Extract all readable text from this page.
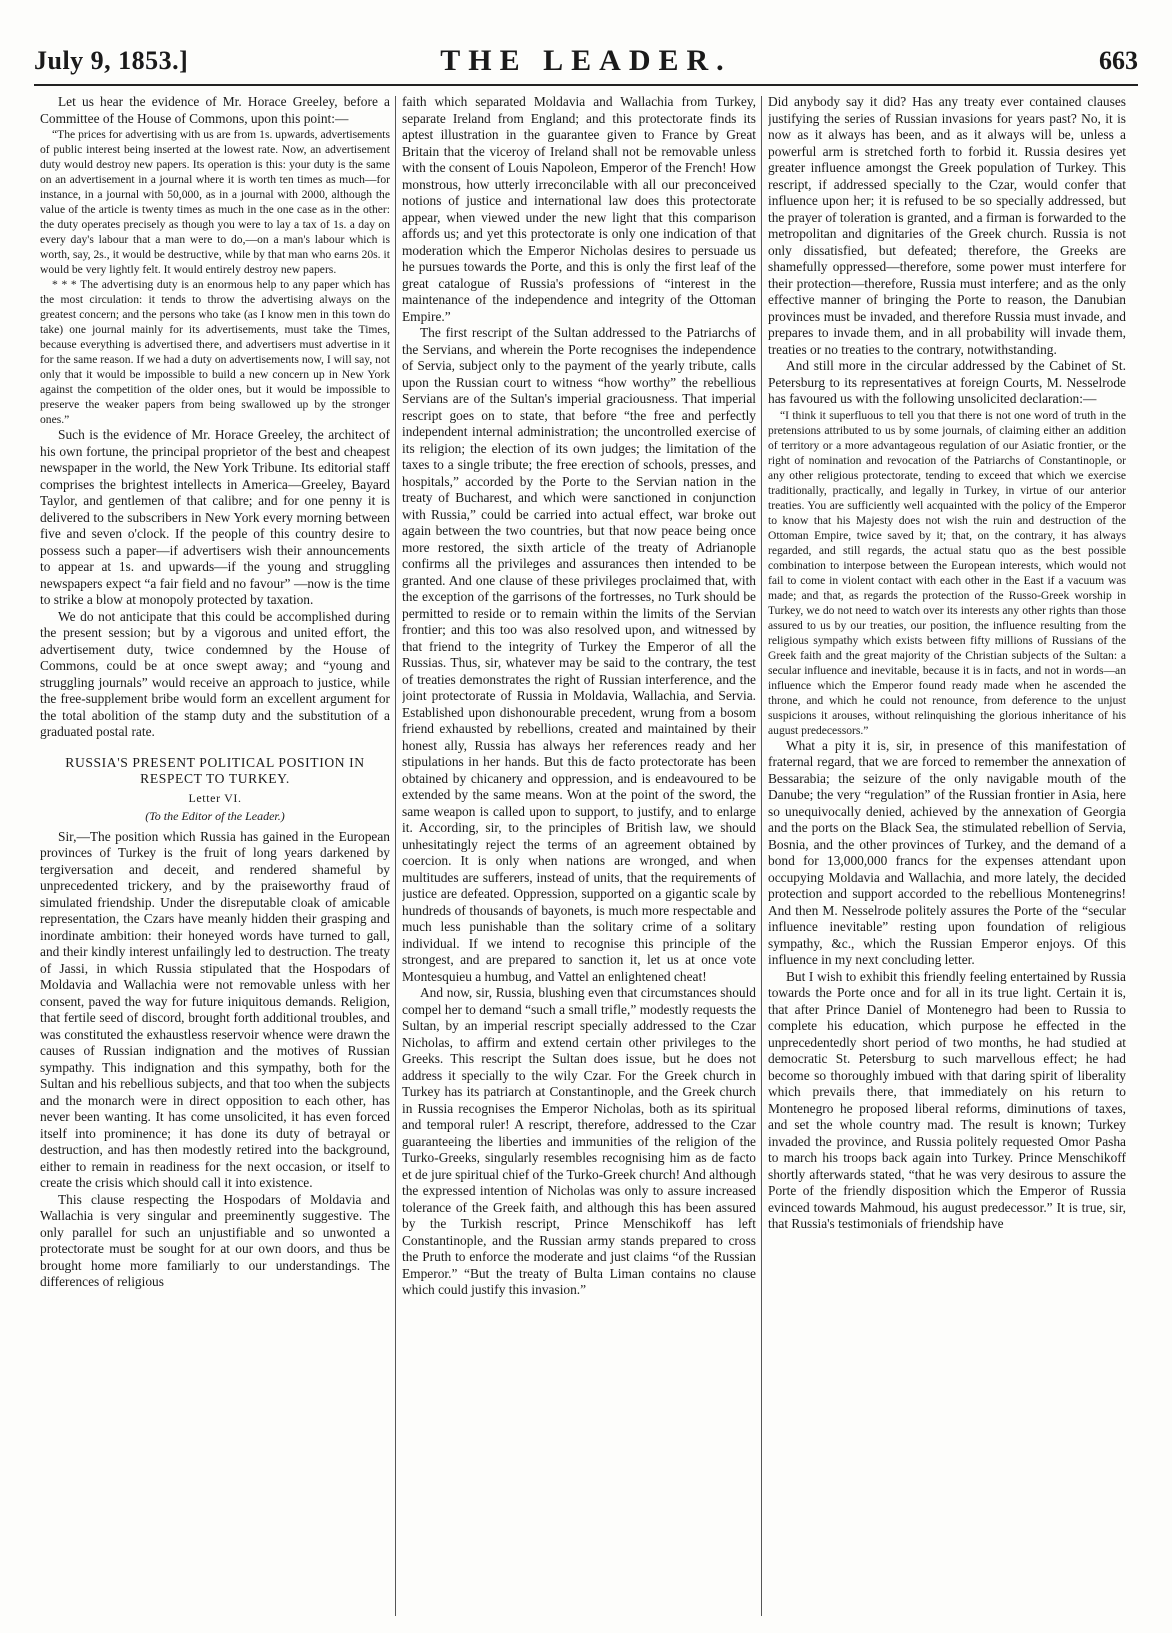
July 9, 1853.]	THE LEADER.	663

Let us hear the evidence of Mr. Horace Greeley, before a Committee of the House of Commons, upon this point:—

“The prices for advertising with us are from 1s. upwards, advertisements of public interest being inserted at the lowest rate. Now, an advertisement duty would destroy new papers. Its operation is this: your duty is the same on an advertisement in a journal where it is worth ten times as much—for instance, in a journal with 50,000, as in a journal with 2000, although the value of the article is twenty times as much in the one case as in the other: the duty operates precisely as though you were to lay a tax of 1s. a day on every day's labour that a man were to do,—on a man's labour which is worth, say, 2s., it would be destructive, while by that man who earns 20s. it would be very lightly felt. It would entirely destroy new papers.

* * * The advertising duty is an enormous help to any paper which has the most circulation: it tends to throw the advertising always on the greatest concern; and the persons who take (as I know men in this town do take) one journal mainly for its advertisements, must take the Times, because everything is advertised there, and advertisers must advertise in it for the same reason. If we had a duty on advertisements now, I will say, not only that it would be impossible to build a new concern up in New York against the competition of the older ones, but it would be impossible to preserve the weaker papers from being swallowed up by the stronger ones.”

Such is the evidence of Mr. Horace Greeley, the architect of his own fortune, the principal proprietor of the best and cheapest newspaper in the world, the New York Tribune. Its editorial staff comprises the brightest intellects in America—Greeley, Bayard Taylor, and gentlemen of that calibre; and for one penny it is delivered to the subscribers in New York every morning between five and seven o'clock. If the people of this country desire to possess such a paper—if advertisers wish their announcements to appear at 1s. and upwards—if the young and struggling newspapers expect “a fair field and no favour” —now is the time to strike a blow at monopoly protected by taxation.

We do not anticipate that this could be accomplished during the present session; but by a vigorous and united effort, the advertisement duty, twice condemned by the House of Commons, could be at once swept away; and “young and struggling journals” would receive an approach to justice, while the free-supplement bribe would form an excellent argument for the total abolition of the stamp duty and the substitution of a graduated postal rate.

RUSSIA'S PRESENT POLITICAL POSITION IN RESPECT TO TURKEY.

Letter VI.

(To the Editor of the Leader.)

Sir,—The position which Russia has gained in the European provinces of Turkey is the fruit of long years darkened by tergiversation and deceit, and rendered shameful by unprecedented trickery, and by the praiseworthy fraud of simulated friendship. Under the disreputable cloak of amicable representation, the Czars have meanly hidden their grasping and inordinate ambition: their honeyed words have turned to gall, and their kindly interest unfailingly led to destruction. The treaty of Jassi, in which Russia stipulated that the Hospodars of Moldavia and Wallachia were not removable unless with her consent, paved the way for future iniquitous demands. Religion, that fertile seed of discord, brought forth additional troubles, and was constituted the exhaustless reservoir whence were drawn the causes of Russian indignation and the motives of Russian sympathy. This indignation and this sympathy, both for the Sultan and his rebellious subjects, and that too when the subjects and the monarch were in direct opposition to each other, has never been wanting. It has come unsolicited, it has even forced itself into prominence; it has done its duty of betrayal or destruction, and has then modestly retired into the background, either to remain in readiness for the next occasion, or itself to create the crisis which should call it into existence.

This clause respecting the Hospodars of Moldavia and Wallachia is very singular and preeminently suggestive. The only parallel for such an unjustifiable and so unwonted a protectorate must be sought for at our own doors, and thus be brought home more familiarly to our understandings. The differences of religious

faith which separated Moldavia and Wallachia from Turkey, separate Ireland from England; and this protectorate finds its aptest illustration in the guarantee given to France by Great Britain that the viceroy of Ireland shall not be removable unless with the consent of Louis Napoleon, Emperor of the French! How monstrous, how utterly irreconcilable with all our preconceived notions of justice and international law does this protectorate appear, when viewed under the new light that this comparison affords us; and yet this protectorate is only one indication of that moderation which the Emperor Nicholas desires to persuade us he pursues towards the Porte, and this is only the first leaf of the great catalogue of Russia's professions of “interest in the maintenance of the independence and integrity of the Ottoman Empire.”

The first rescript of the Sultan addressed to the Patriarchs of the Servians, and wherein the Porte recognises the independence of Servia, subject only to the payment of the yearly tribute, calls upon the Russian court to witness “how worthy” the rebellious Servians are of the Sultan's imperial graciousness. That imperial rescript goes on to state, that before “the free and perfectly independent internal administration; the uncontrolled exercise of its religion; the election of its own judges; the limitation of the taxes to a single tribute; the free erection of schools, presses, and hospitals,” accorded by the Porte to the Servian nation in the treaty of Bucharest, and which were sanctioned in conjunction with Russia,” could be carried into actual effect, war broke out again between the two countries, but that now peace being once more restored, the sixth article of the treaty of Adrianople confirms all the privileges and assurances then intended to be granted. And one clause of these privileges proclaimed that, with the exception of the garrisons of the fortresses, no Turk should be permitted to reside or to remain within the limits of the Servian frontier; and this too was also resolved upon, and witnessed by that friend to the integrity of Turkey the Emperor of all the Russias. Thus, sir, whatever may be said to the contrary, the test of treaties demonstrates the right of Russian interference, and the joint protectorate of Russia in Moldavia, Wallachia, and Servia. Established upon dishonourable precedent, wrung from a bosom friend exhausted by rebellions, created and maintained by their honest ally, Russia has always her references ready and her stipulations in her hands. But this de facto protectorate has been obtained by chicanery and oppression, and is endeavoured to be extended by the same means. Won at the point of the sword, the same weapon is called upon to support, to justify, and to enlarge it. According, sir, to the principles of British law, we should unhesitatingly reject the terms of an agreement obtained by coercion. It is only when nations are wronged, and when multitudes are sufferers, instead of units, that the requirements of justice are defeated. Oppression, supported on a gigantic scale by hundreds of thousands of bayonets, is much more respectable and much less punishable than the solitary crime of a solitary individual. If we intend to recognise this principle of the strongest, and are prepared to sanction it, let us at once vote Montesquieu a humbug, and Vattel an enlightened cheat!

And now, sir, Russia, blushing even that circumstances should compel her to demand “such a small trifle,” modestly requests the Sultan, by an imperial rescript specially addressed to the Czar Nicholas, to affirm and extend certain other privileges to the Greeks. This rescript the Sultan does issue, but he does not address it specially to the wily Czar. For the Greek church in Turkey has its patriarch at Constantinople, and the Greek church in Russia recognises the Emperor Nicholas, both as its spiritual and temporal ruler! A rescript, therefore, addressed to the Czar guaranteeing the liberties and immunities of the religion of the Turko-Greeks, singularly resembles recognising him as de facto et de jure spiritual chief of the Turko-Greek church! And although the expressed intention of Nicholas was only to assure increased tolerance of the Greek faith, and although this has been assured by the Turkish rescript, Prince Menschikoff has left Constantinople, and the Russian army stands prepared to cross the Pruth to enforce the moderate and just claims “of the Russian Emperor.” “But the treaty of Bulta Liman contains no clause which could justify this invasion.”

Did anybody say it did? Has any treaty ever contained clauses justifying the series of Russian invasions for years past? No, it is now as it always has been, and as it always will be, unless a powerful arm is stretched forth to forbid it. Russia desires yet greater influence amongst the Greek population of Turkey. This rescript, if addressed specially to the Czar, would confer that influence upon her; it is refused to be so specially addressed, but the prayer of toleration is granted, and a firman is forwarded to the metropolitan and dignitaries of the Greek church. Russia is not only dissatisfied, but defeated; therefore, the Greeks are shamefully oppressed—therefore, some power must interfere for their protection—therefore, Russia must interfere; and as the only effective manner of bringing the Porte to reason, the Danubian provinces must be invaded, and therefore Russia must invade, and prepares to invade them, and in all probability will invade them, treaties or no treaties to the contrary, notwithstanding.

And still more in the circular addressed by the Cabinet of St. Petersburg to its representatives at foreign Courts, M. Nesselrode has favoured us with the following unsolicited declaration:—

“I think it superfluous to tell you that there is not one word of truth in the pretensions attributed to us by some journals, of claiming either an addition of territory or a more advantageous regulation of our Asiatic frontier, or the right of nomination and revocation of the Patriarchs of Constantinople, or any other religious protectorate, tending to exceed that which we exercise traditionally, practically, and legally in Turkey, in virtue of our anterior treaties. You are sufficiently well acquainted with the policy of the Emperor to know that his Majesty does not wish the ruin and destruction of the Ottoman Empire, twice saved by it; that, on the contrary, it has always regarded, and still regards, the actual statu quo as the best possible combination to interpose between the European interests, which would not fail to come in violent contact with each other in the East if a vacuum was made; and that, as regards the protection of the Russo-Greek worship in Turkey, we do not need to watch over its interests any other rights than those assured to us by our treaties, our position, the influence resulting from the religious sympathy which exists between fifty millions of Russians of the Greek faith and the great majority of the Christian subjects of the Sultan: a secular influence and inevitable, because it is in facts, and not in words—an influence which the Emperor found ready made when he ascended the throne, and which he could not renounce, from deference to the unjust suspicions it arouses, without relinquishing the glorious inheritance of his august predecessors.”

What a pity it is, sir, in presence of this manifestation of fraternal regard, that we are forced to remember the annexation of Bessarabia; the seizure of the only navigable mouth of the Danube; the very “regulation” of the Russian frontier in Asia, here so unequivocally denied, achieved by the annexation of Georgia and the ports on the Black Sea, the stimulated rebellion of Servia, Bosnia, and the other provinces of Turkey, and the demand of a bond for 13,000,000 francs for the expenses attendant upon occupying Moldavia and Wallachia, and more lately, the decided protection and support accorded to the rebellious Montenegrins! And then M. Nesselrode politely assures the Porte of the “secular influence inevitable” resting upon foundation of religious sympathy, &c., which the Russian Emperor enjoys. Of this influence in my next concluding letter.

But I wish to exhibit this friendly feeling entertained by Russia towards the Porte once and for all in its true light. Certain it is, that after Prince Daniel of Montenegro had been to Russia to complete his education, which purpose he effected in the unprecedentedly short period of two months, he had studied at democratic St. Petersburg to such marvellous effect; he had become so thoroughly imbued with that daring spirit of liberality which prevails there, that immediately on his return to Montenegro he proposed liberal reforms, diminutions of taxes, and set the whole country mad. The result is known; Turkey invaded the province, and Russia politely requested Omor Pasha to march his troops back again into Turkey. Prince Menschikoff shortly afterwards stated, “that he was very desirous to assure the Porte of the friendly disposition which the Emperor of Russia evinced towards Mahmoud, his august predecessor.” It is true, sir, that Russia's testimonials of friendship have
